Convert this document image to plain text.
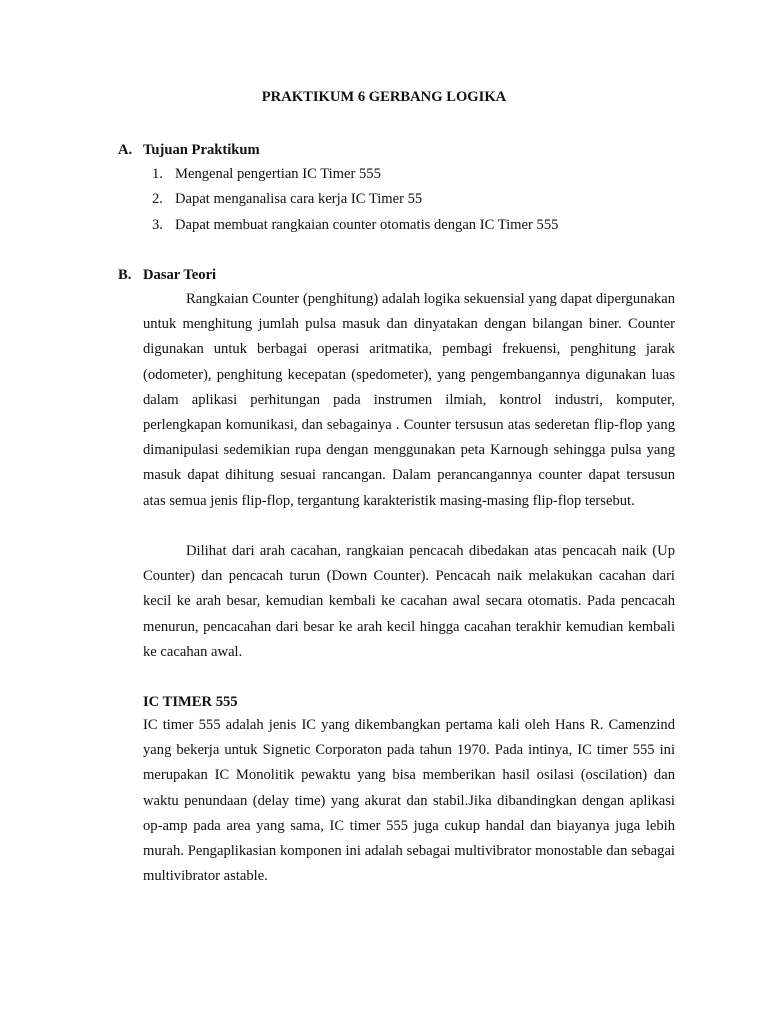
PRAKTIKUM 6 GERBANG LOGIKA
A. Tujuan Praktikum
1. Mengenal pengertian IC Timer 555
2. Dapat menganalisa cara kerja IC Timer 55
3. Dapat membuat rangkaian counter otomatis dengan IC Timer 555
B. Dasar Teori

Rangkaian Counter (penghitung) adalah logika sekuensial yang dapat dipergunakan untuk menghitung jumlah pulsa masuk dan dinyatakan dengan bilangan biner. Counter digunakan untuk berbagai operasi aritmatika, pembagi frekuensi, penghitung jarak (odometer), penghitung kecepatan (spedometer), yang pengembangannya digunakan luas dalam aplikasi perhitungan pada instrumen ilmiah, kontrol industri, komputer, perlengkapan komunikasi, dan sebagainya . Counter tersusun atas sederetan flip-flop yang dimanipulasi sedemikian rupa dengan menggunakan peta Karnough sehingga pulsa yang masuk dapat dihitung sesuai rancangan. Dalam perancangannya counter dapat tersusun atas semua jenis flip-flop, tergantung karakteristik masing-masing flip-flop tersebut.

Dilihat dari arah cacahan, rangkaian pencacah dibedakan atas pencacah naik (Up Counter) dan pencacah turun (Down Counter). Pencacah naik melakukan cacahan dari kecil ke arah besar, kemudian kembali ke cacahan awal secara otomatis. Pada pencacah menurun, pencacahan dari besar ke arah kecil hingga cacahan terakhir kemudian kembali ke cacahan awal.

IC TIMER 555

IC timer 555 adalah jenis IC yang dikembangkan pertama kali oleh Hans R. Camenzind yang bekerja untuk Signetic Corporaton pada tahun 1970. Pada intinya, IC timer 555 ini merupakan IC Monolitik pewaktu yang bisa memberikan hasil osilasi (oscilation) dan waktu penundaan (delay time) yang akurat dan stabil.Jika dibandingkan dengan aplikasi op-amp pada area yang sama, IC timer 555 juga cukup handal dan biayanya juga lebih murah. Pengaplikasian komponen ini adalah sebagai multivibrator monostable dan sebagai multivibrator astable.
